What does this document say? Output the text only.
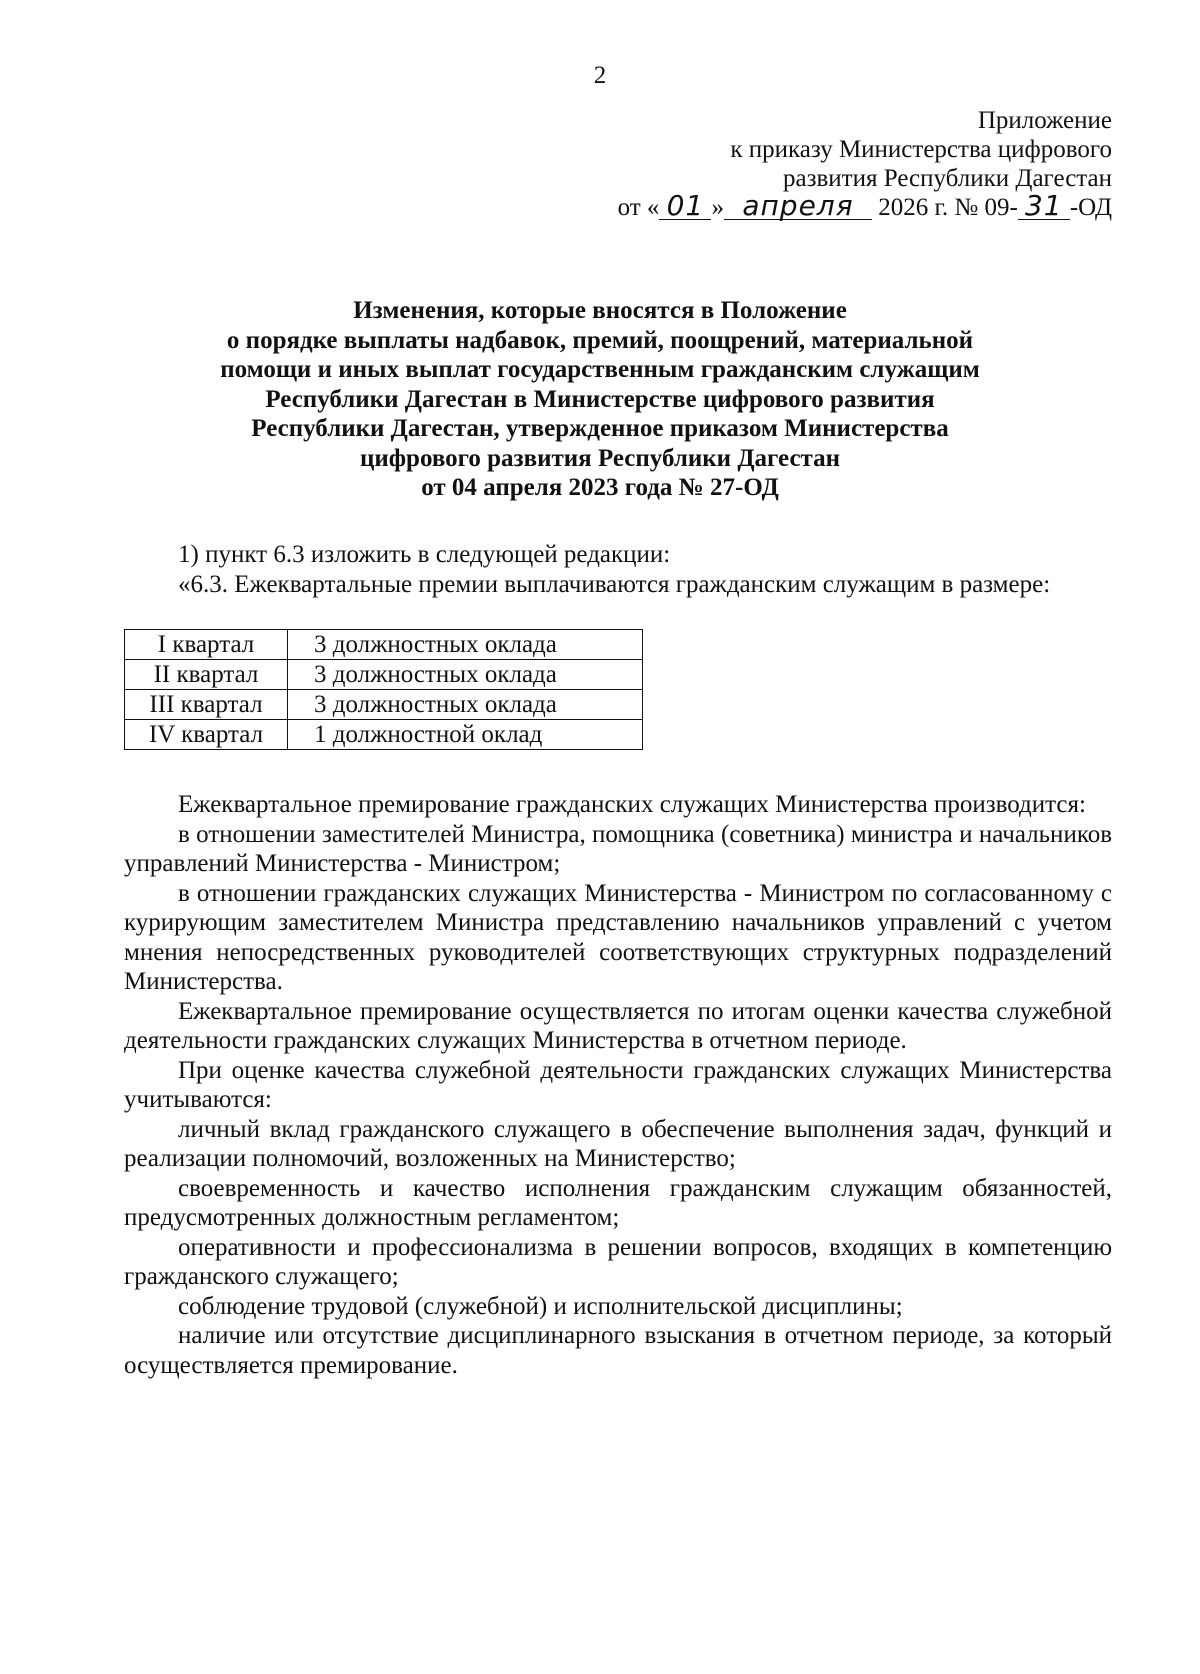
2
Приложение
к приказу Министерства цифрового
развития Республики Дагестан
от « 01 » апреля 2026 г. № 09- 31 -ОД
Изменения, которые вносятся в Положение
о порядке выплаты надбавок, премий, поощрений, материальной
помощи и иных выплат государственным гражданским служащим
Республики Дагестан в Министерстве цифрового развития
Республики Дагестан, утвержденное приказом Министерства
цифрового развития Республики Дагестан
от 04 апреля 2023 года № 27-ОД

1) пункт 6.3 изложить в следующей редакции:

«6.3. Ежеквартальные премии выплачиваются гражданским служащим в размере:

I квартал	3 должностных оклада
II квартал	3 должностных оклада
III квартал	3 должностных оклада
IV квартал	1 должностной оклад

Ежеквартальное премирование гражданских служащих Министерства производится:

в отношении заместителей Министра, помощника (советника) министра и начальников управлений Министерства - Министром;

в отношении гражданских служащих Министерства - Министром по согласованному с курирующим заместителем Министра представлению начальников управлений с учетом мнения непосредственных руководителей соответствующих структурных подразделений Министерства.

Ежеквартальное премирование осуществляется по итогам оценки качества служебной деятельности гражданских служащих Министерства в отчетном периоде.

При оценке качества служебной деятельности гражданских служащих Министерства учитываются:

личный вклад гражданского служащего в обеспечение выполнения задач, функций и реализации полномочий, возложенных на Министерство;

своевременность и качество исполнения гражданским служащим обязанностей, предусмотренных должностным регламентом;

оперативности и профессионализма в решении вопросов, входящих в компетенцию гражданского служащего;

соблюдение трудовой (служебной) и исполнительской дисциплины;

наличие или отсутствие дисциплинарного взыскания в отчетном периоде, за который осуществляется премирование.
